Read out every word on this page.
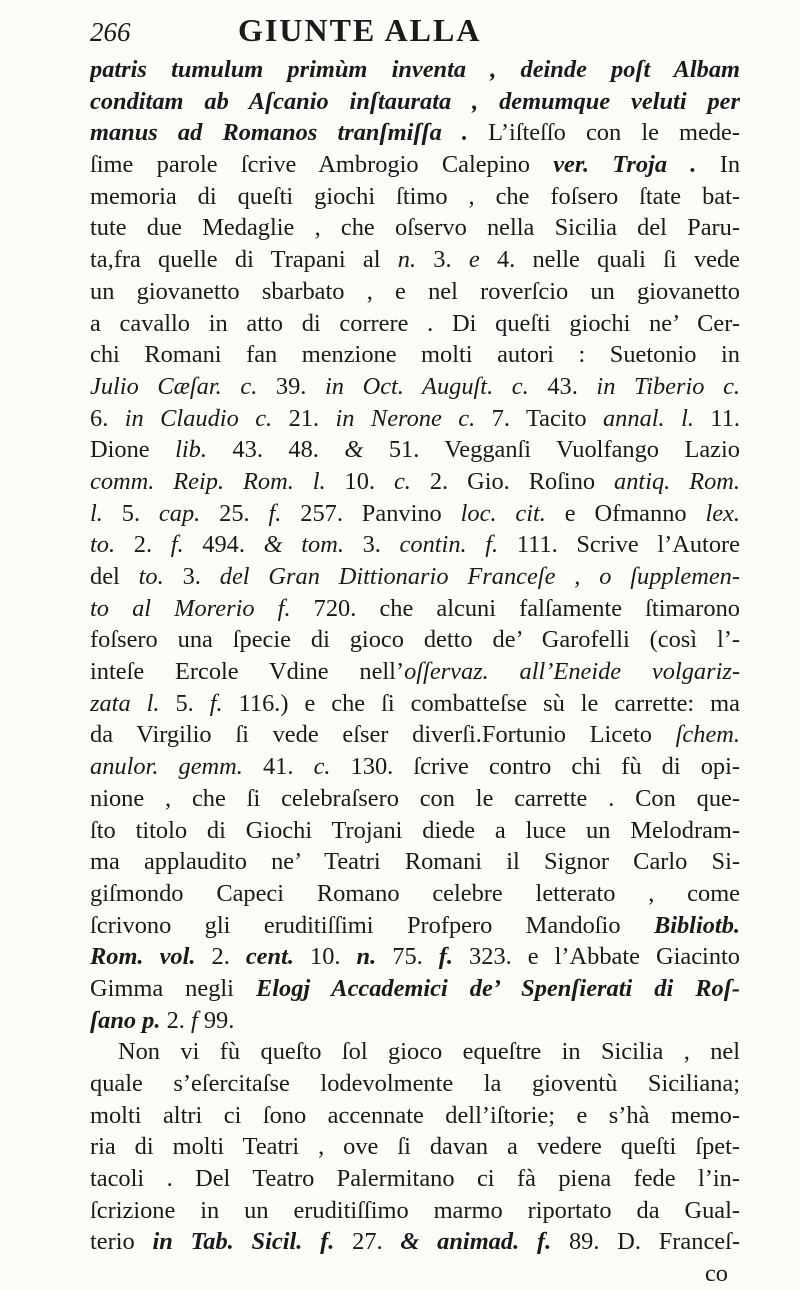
266	GIUNTE ALLA
patris tumulum primùm inventa , deinde poſt Albam
conditam ab Aſcanio inſtaurata , demumque veluti per
manus ad Romanos tranſmiſſa . L’iſteſſo con le mede-
ſime parole ſcrive Ambrogio Calepino ver. Troja . In
memoria di queſti giochi ſtimo , che foſsero ſtate bat-
tute due Medaglie , che oſservo nella Sicilia del Paru-
ta,fra quelle di Trapani al n. 3. e 4. nelle quali ſi vede
un giovanetto sbarbato , e nel roverſcio un giovanetto
a cavallo in atto di correre . Di queſti giochi ne’ Cer-
chi Romani fan menzione molti autori : Suetonio in
Julio Cæſar. c. 39. in Oct. Auguſt. c. 43. in Tiberio c.
6. in Claudio c. 21. in Nerone c. 7. Tacito annal. l. 11.
Dione lib. 43. 48. & 51. Vegganſi Vuolfango Lazio
comm. Reip. Rom. l. 10. c. 2. Gio. Roſino antiq. Rom.
l. 5. cap. 25. f. 257. Panvino loc. cit. e Ofmanno lex.
to. 2. f. 494. & tom. 3. contin. f. 111. Scrive l’Autore
del to. 3. del Gran Dittionario Franceſe , o ſupplemen-
to al Morerio f. 720. che alcuni falſamente ſtimarono
foſsero una ſpecie di gioco detto de’ Garofelli (così l’-
inteſe Ercole Vdine nell’oſſervaz. all’Eneide volgariz-
zata l. 5. f. 116.) e che ſi combatteſse sù le carrette: ma
da Virgilio ſi vede eſser diverſi.Fortunio Liceto ſchem.
anulor. gemm. 41. c. 130. ſcrive contro chi fù di opi-
nione , che ſi celebraſsero con le carrette . Con que-
ſto titolo di Giochi Trojani diede a luce un Melodram-
ma applaudito ne’ Teatri Romani il Signor Carlo Si-
giſmondo Capeci Romano celebre letterato , come
ſcrivono gli eruditiſſimi Profpero Mandoſio Bibliotb.
Rom. vol. 2. cent. 10. n. 75. f. 323. e l’Abbate Giacinto
Gimma negli Elogj Accademici de’ Spenſierati di Roſ-
ſano p. 2. f 99.
Non vi fù queſto ſol gioco equeſtre in Sicilia , nel
quale s’eſercitaſse lodevolmente la gioventù Siciliana;
molti altri ci ſono accennate dell’iſtorie; e s’hà memo-
ria di molti Teatri , ove ſi davan a vedere queſti ſpet-
tacoli . Del Teatro Palermitano ci fà piena fede l’in-
ſcrizione in un eruditiſſimo marmo riportato da Gual-
terio in Tab. Sicil. f. 27. & animad. f. 89. D. Franceſ-
co
